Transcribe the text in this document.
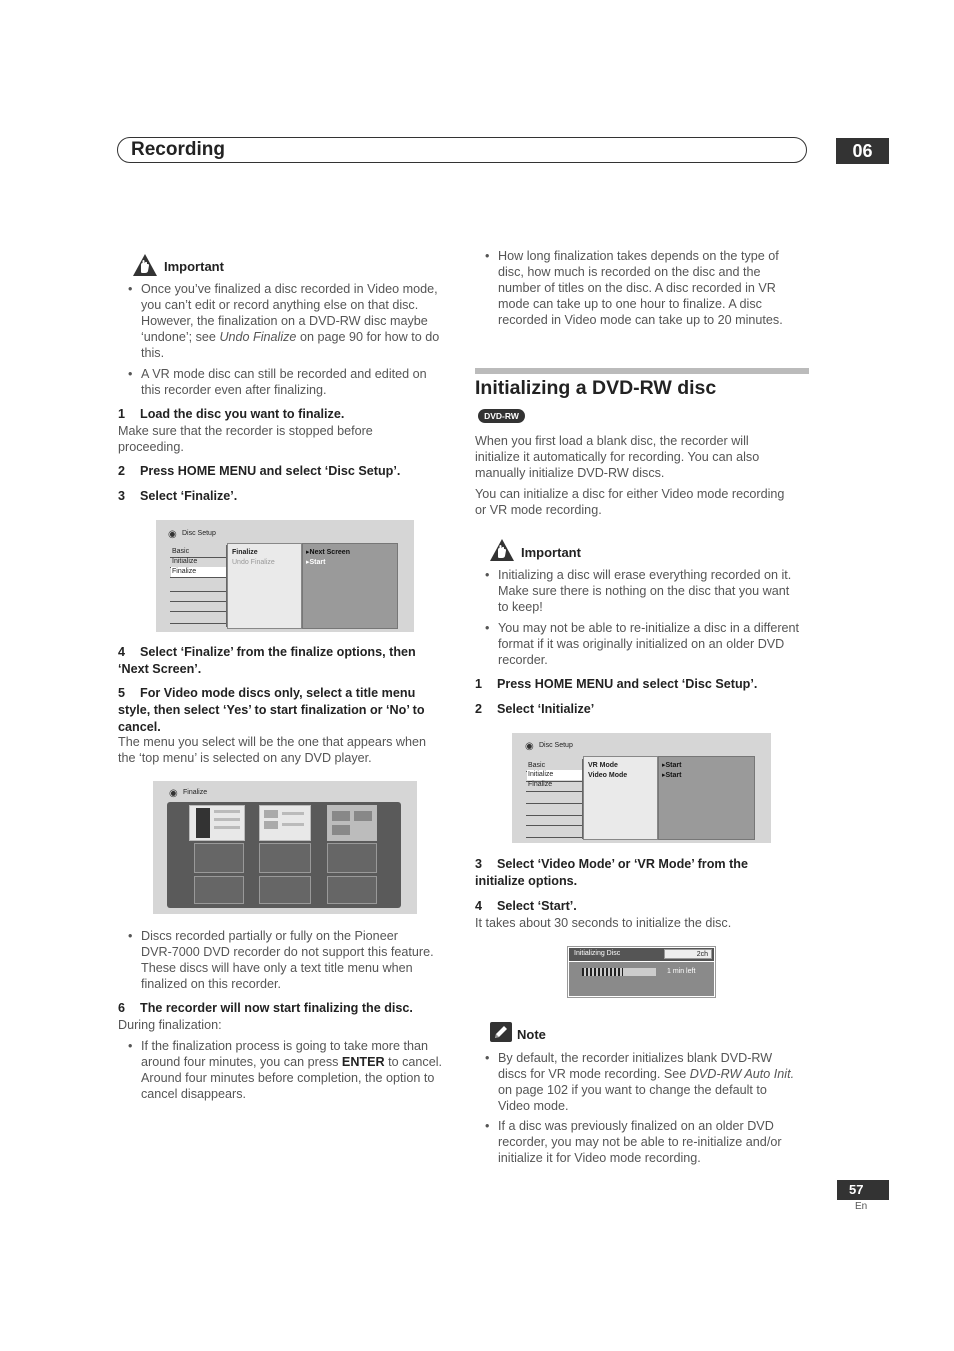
Recording	06
Important
• Once you’ve finalized a disc recorded in Video mode,
you can’t edit or record anything else on that disc.
However, the finalization on a DVD-RW disc maybe
‘undone’; see Undo Finalize on page 90 for how to do
this.
• A VR mode disc can still be recorded and edited on
this recorder even after finalizing.
1 Load the disc you want to finalize.
Make sure that the recorder is stopped before
proceeding.
2 Press HOME MENU and select ‘Disc Setup’.
3 Select ‘Finalize’.
◉ Disc Setup
Basic
Initialize
Finalize
Finalize
Undo Finalize
▸Next Screen
▸Start
4 Select ‘Finalize’ from the finalize options, then
‘Next Screen’.
5 For Video mode discs only, select a title menu
style, then select ‘Yes’ to start finalization or ‘No’ to
cancel.
The menu you select will be the one that appears when
the ‘top menu’ is selected on any DVD player.
◉ Finalize
• Discs recorded partially or fully on the Pioneer
DVR-7000 DVD recorder do not support this feature.
These discs will have only a text title menu when
finalized on this recorder.
6 The recorder will now start finalizing the disc.
During finalization:
• If the finalization process is going to take more than
around four minutes, you can press ENTER to cancel.
Around four minutes before completion, the option to
cancel disappears.
• How long finalization takes depends on the type of
disc, how much is recorded on the disc and the
number of titles on the disc. A disc recorded in VR
mode can take up to one hour to finalize. A disc
recorded in Video mode can take up to 20 minutes.
Initializing a DVD-RW disc
DVD-RW
When you first load a blank disc, the recorder will
initialize it automatically for recording. You can also
manually initialize DVD-RW discs.
You can initialize a disc for either Video mode recording
or VR mode recording.
Important
• Initializing a disc will erase everything recorded on it.
Make sure there is nothing on the disc that you want
to keep!
• You may not be able to re-initialize a disc in a different
format if it was originally initialized on an older DVD
recorder.
1 Press HOME MENU and select ‘Disc Setup’.
2 Select ‘Initialize’
◉ Disc Setup
Basic
Initialize
Finalize
VR Mode
Video Mode
▸Start
▸Start
3 Select ‘Video Mode’ or ‘VR Mode’ from the
initialize options.
4 Select ‘Start’.
It takes about 30 seconds to initialize the disc.
Initializing Disc	2ch
1 min left
Note
• By default, the recorder initializes blank DVD-RW
discs for VR mode recording. See DVD-RW Auto Init.
on page 102 if you want to change the default to
Video mode.
• If a disc was previously finalized on an older DVD
recorder, you may not be able to re-initialize and/or
initialize it for Video mode recording.
57
En
